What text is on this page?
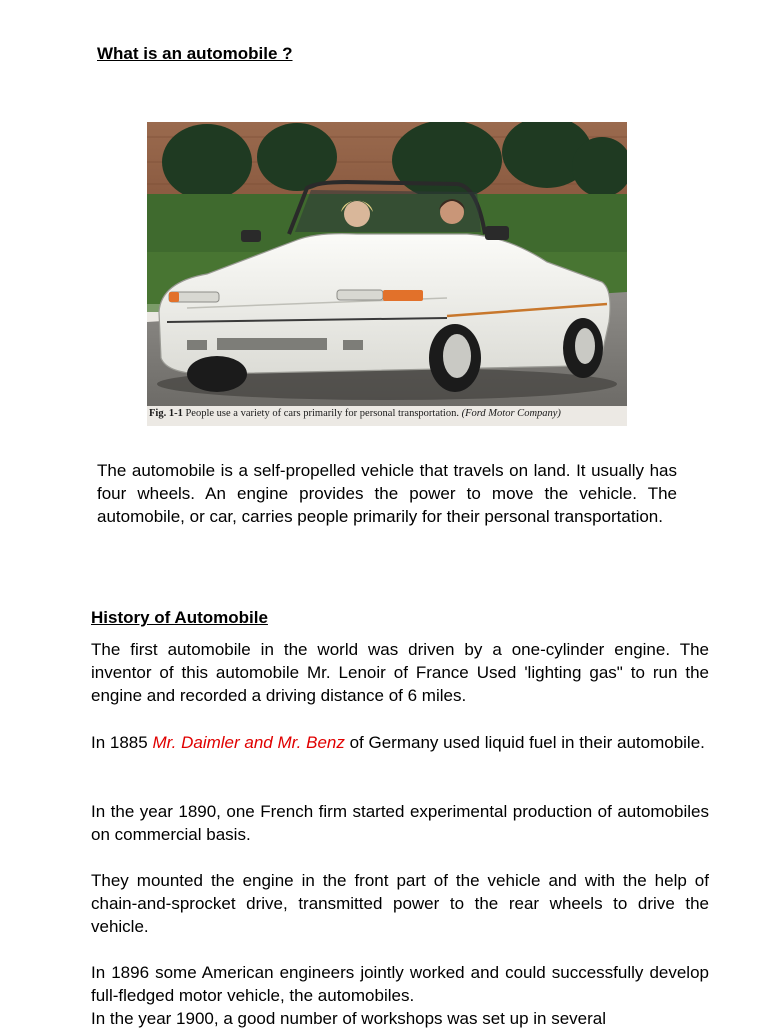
What is an automobile ?
Fig. 1-1 People use a variety of cars primarily for personal transportation. (Ford Motor Company)

The automobile is a self-propelled vehicle that travels on land. It usually has four wheels. An engine provides the power to move the vehicle. The automobile, or car, carries people primarily for their personal transportation.

History of Automobile

The first automobile in the world was driven by a one-cylinder engine. The inventor of this automobile Mr. Lenoir of France Used 'lighting gas" to run the engine and recorded a driving distance of 6 miles.

In 1885 Mr. Daimler and Mr. Benz of Germany used liquid fuel in their automobile.

In the year 1890, one French firm started experimental production of automobiles on commercial basis.

They mounted the engine in the front part of the vehicle and with the help of chain-and-sprocket drive, transmitted power to the rear wheels to drive the vehicle.

In 1896 some American engineers jointly worked and could successfully develop full-fledged motor vehicle, the automobiles.

In the year 1900, a good number of workshops was set up in several
